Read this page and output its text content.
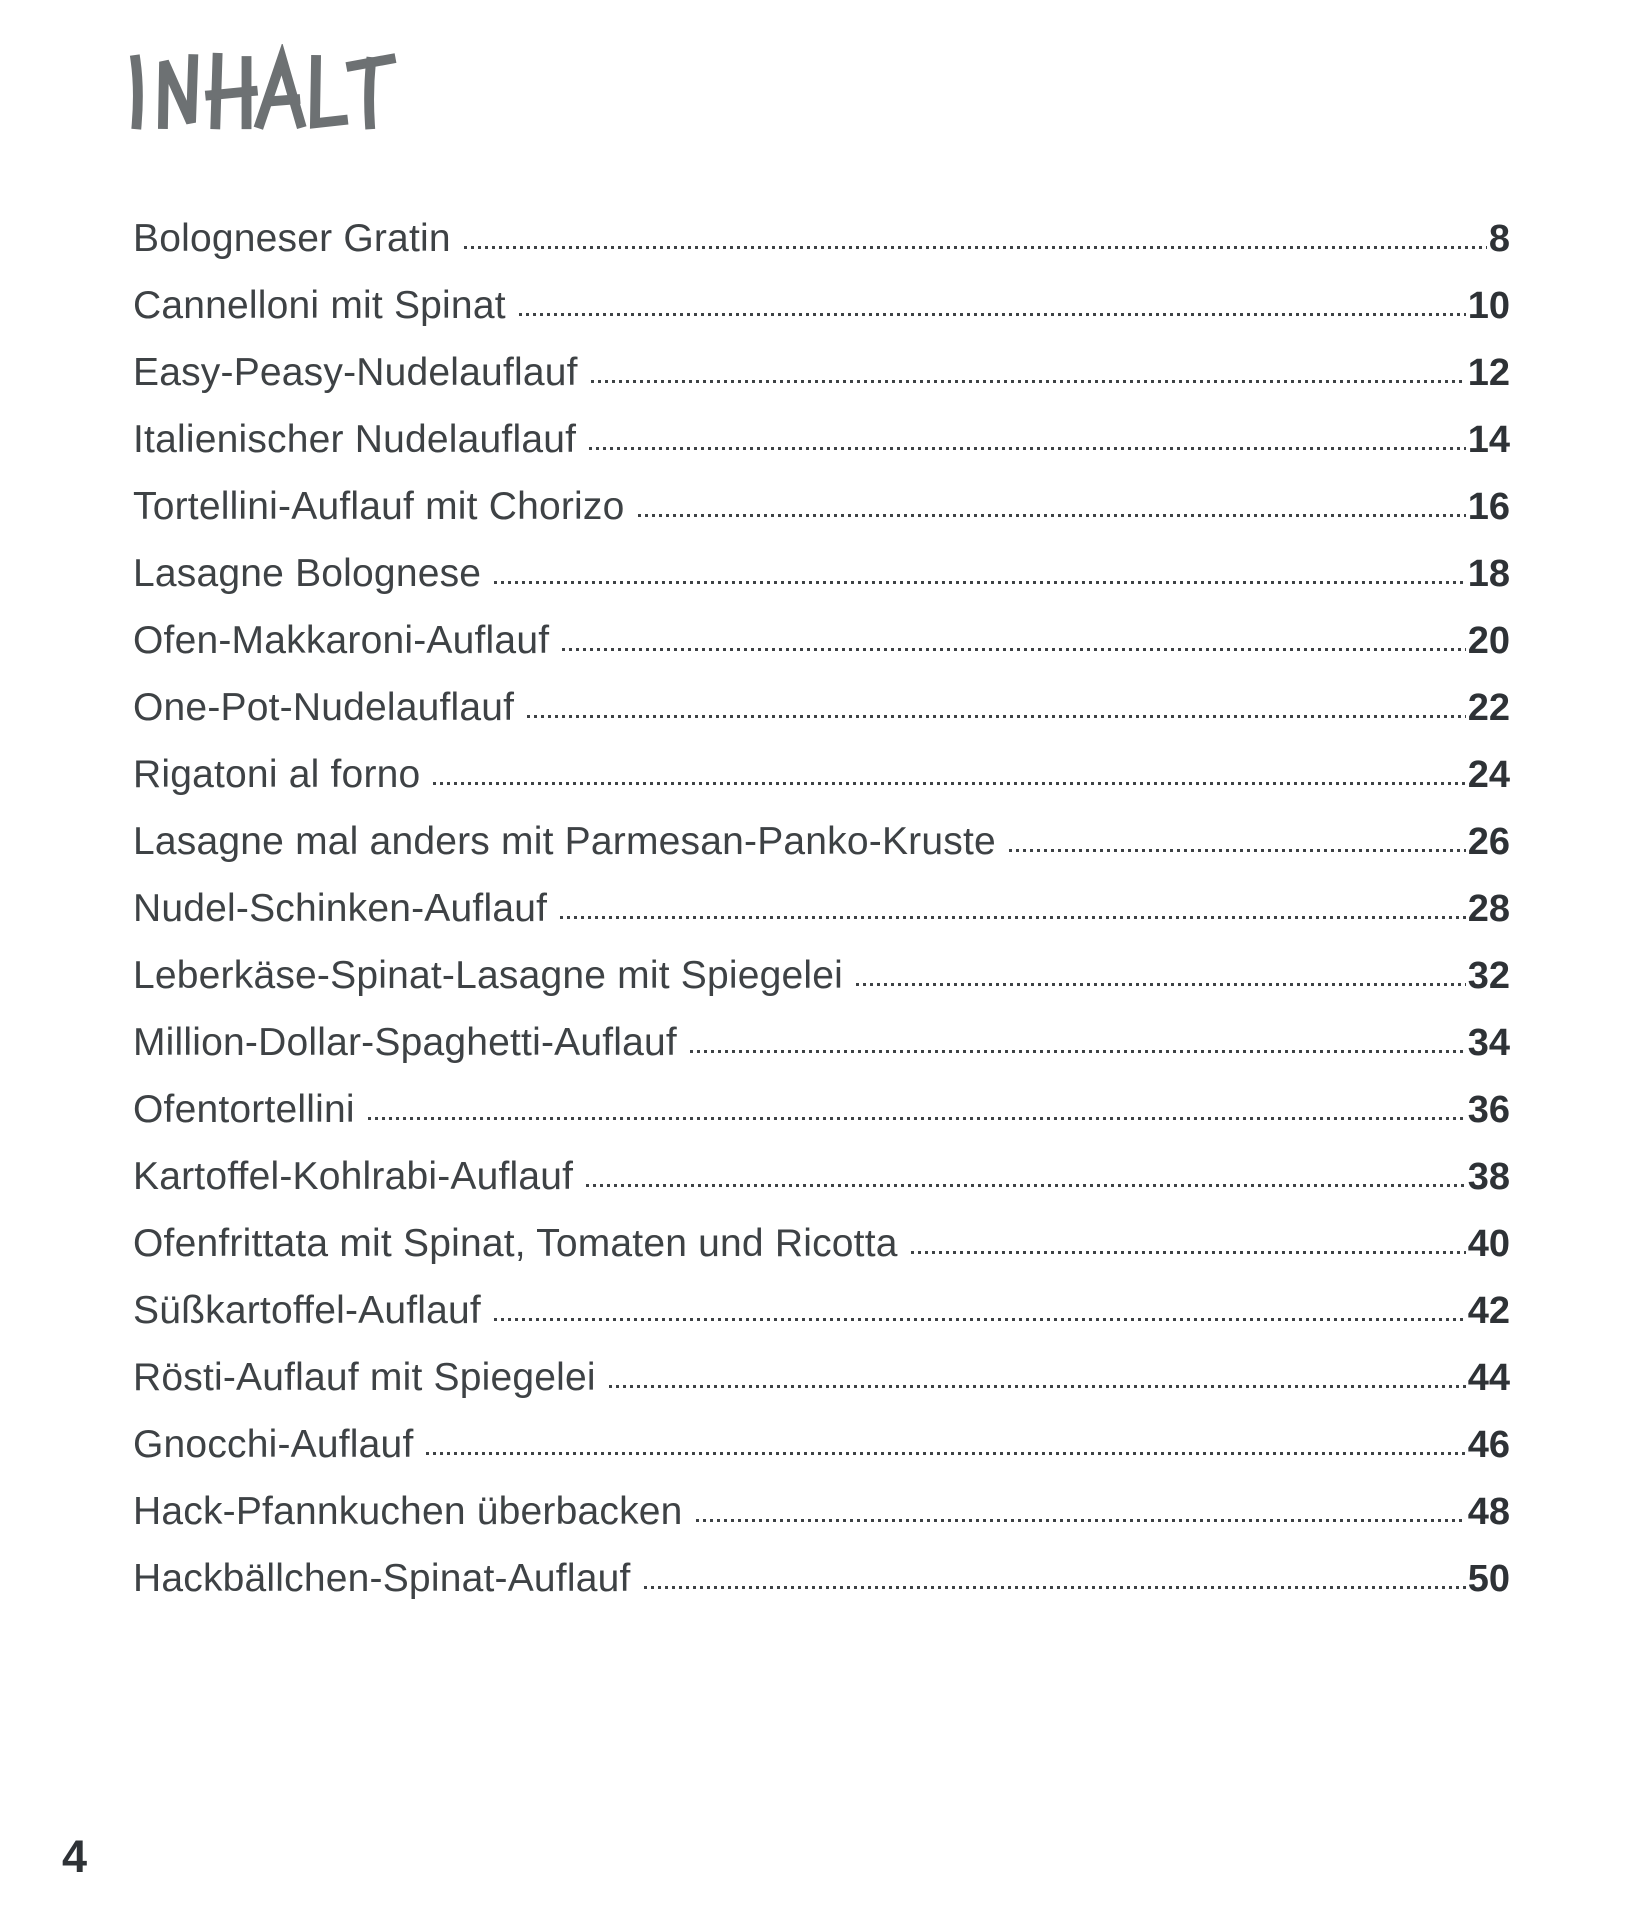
Bologneser Gratin	8
Cannelloni mit Spinat	10
Easy-Peasy-Nudelauflauf	12
Italienischer Nudelauflauf	14
Tortellini-Auflauf mit Chorizo	16
Lasagne Bolognese	18
Ofen-Makkaroni-Auflauf	20
One-Pot-Nudelauflauf	22
Rigatoni al forno	24
Lasagne mal anders mit Parmesan-Panko-Kruste	26
Nudel-Schinken-Auflauf	28
Leberkäse-Spinat-Lasagne mit Spiegelei	32
Million-Dollar-Spaghetti-Auflauf	34
Ofentortellini	36
Kartoffel-Kohlrabi-Auflauf	38
Ofenfrittata mit Spinat, Tomaten und Ricotta	40
Süßkartoffel-Auflauf	42
Rösti-Auflauf mit Spiegelei	44
Gnocchi-Auflauf	46
Hack-Pfannkuchen überbacken	48
Hackbällchen-Spinat-Auflauf	50
4
